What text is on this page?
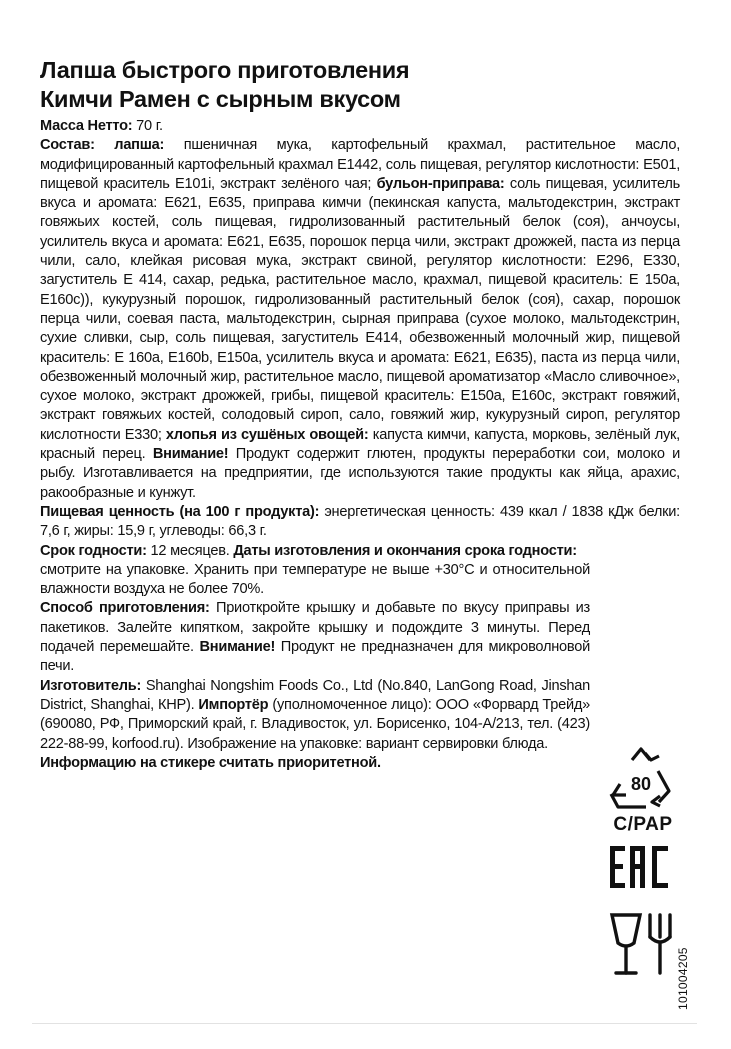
Лапша быстрого приготовления
Кимчи Рамен с сырным вкусом

Масса Нетто: 70 г.

Состав: лапша: пшеничная мука, картофельный крахмал, растительное масло, модифицированный картофельный крахмал Е1442, соль пищевая, регулятор кислотности: Е501, пищевой краситель Е101i, экстракт зелёного чая; бульон-приправа: соль пищевая, усилитель вкуса и аромата: Е621, Е635, приправа кимчи (пекинская капуста, мальтодекстрин, экстракт говяжьих костей, соль пищевая, гидролизованный растительный белок (соя), анчоусы, усилитель вкуса и аромата: Е621, Е635, порошок перца чили, экстракт дрожжей, паста из перца чили, сало, клейкая рисовая мука, экстракт свиной, регулятор кислотности: Е296, Е330, загуститель Е 414, сахар, редька, растительное масло, крахмал, пищевой краситель: Е 150а, Е160с)), кукурузный порошок, гидролизованный растительный белок (соя), сахар, порошок перца чили, соевая паста, мальтодекстрин, сырная приправа (сухое молоко, мальтодекстрин, сухие сливки, сыр, соль пищевая, загуститель Е414, обезвоженный молочный жир, пищевой краситель: Е 160а, Е160b, Е150а, усилитель вкуса и аромата: Е621, Е635), паста из перца чили, обезвоженный молочный жир, растительное масло, пищевой ароматизатор «Масло сливочное», сухое молоко, экстракт дрожжей, грибы, пищевой краситель: Е150а, Е160с, экстракт говяжий, экстракт говяжьих костей, солодовый сироп, сало, говяжий жир, кукурузный сироп, регулятор кислотности Е330; хлопья из сушёных овощей: капуста кимчи, капуста, морковь, зелёный лук, красный перец. Внимание! Продукт содержит глютен, продукты переработки сои, молоко и рыбу. Изготавливается на предприятии, где используются такие продукты как яйца, арахис, ракообразные и кунжут.

Пищевая ценность (на 100 г продукта): энергетическая ценность: 439 ккал / 1838 кДж белки: 7,6 г, жиры: 15,9 г, углеводы: 66,3 г.

Срок годности: 12 месяцев. Даты изготовления и окончания срока годности:

смотрите на упаковке. Хранить при температуре не выше +30°С и относительной влажности воздуха не более 70%.

Способ приготовления: Приоткройте крышку и добавьте по вкусу приправы из пакетиков. Залейте кипятком, закройте крышку и подождите 3 минуты. Перед подачей перемешайте. Внимание! Продукт не предназначен для микроволновой печи.

Изготовитель: Shanghai Nongshim Foods Co., Ltd (No.840, LanGong Road, Jinshan District, Shanghai, КНР). Импортёр (уполномоченное лицо): ООО «Форвард Трейд» (690080, РФ, Приморский край, г. Владивосток, ул. Борисенко, 104-А/213, тел. (423) 222-88-99, korfood.ru). Изображение на упаковке: вариант сервировки блюда.

Информацию на стикере считать приоритетной.

80
C/PAP
101004205
